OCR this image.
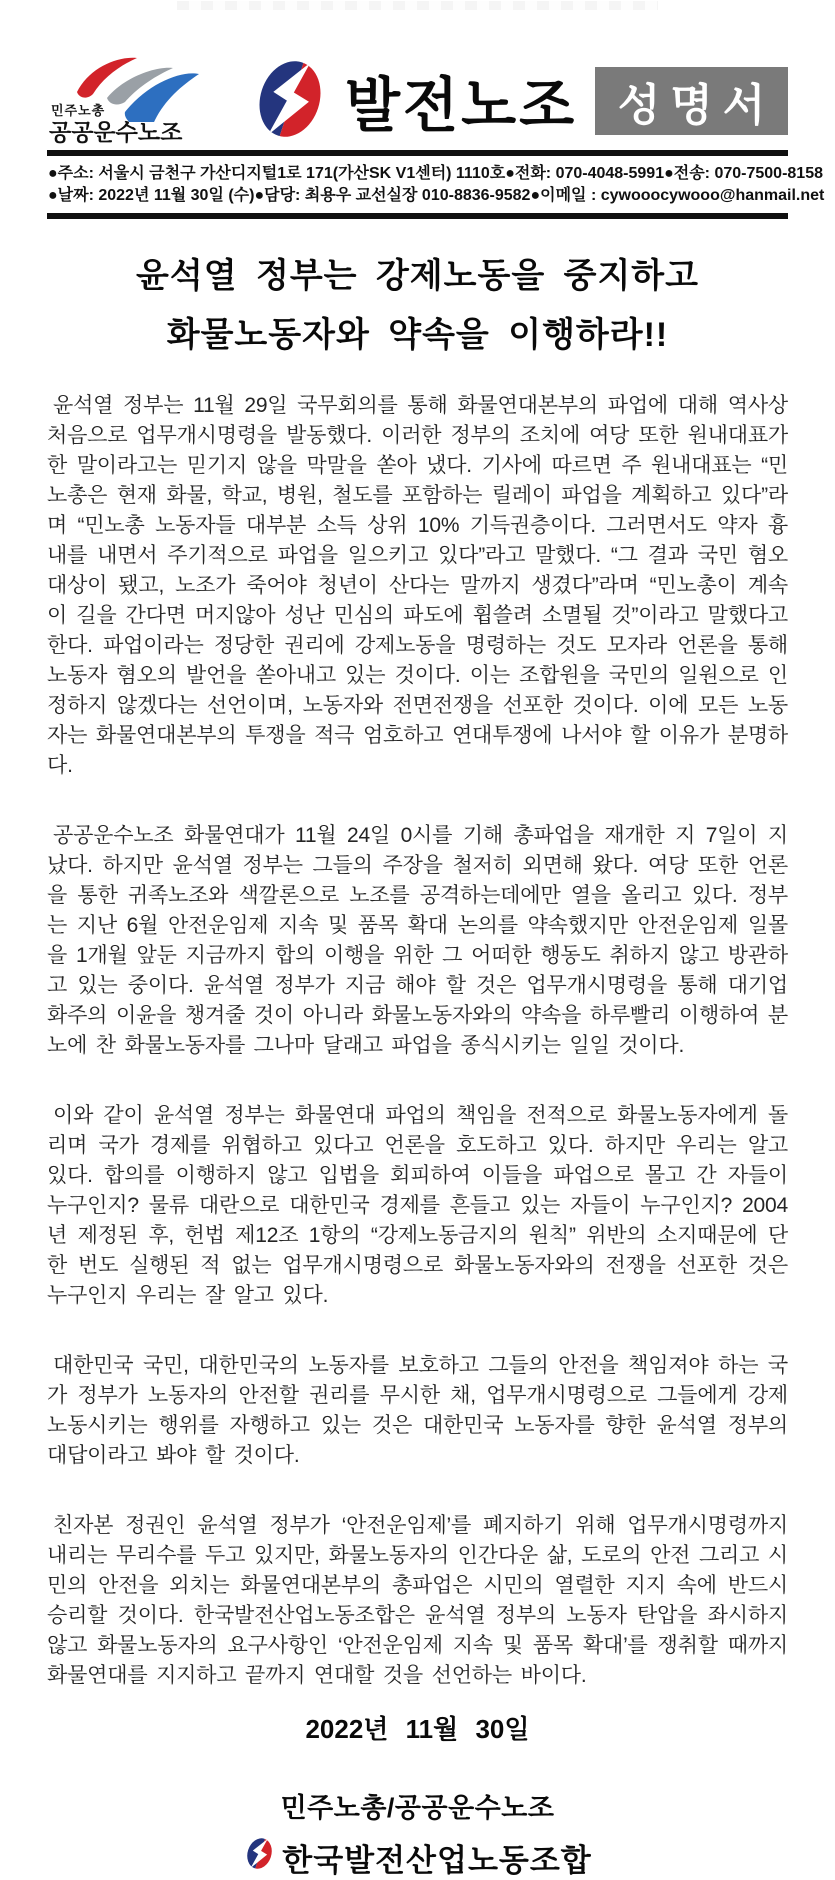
민주노총
공공운수노조	발전노조 성명서
●주소: 서울시 금천구 가산디지털1로 171(가산SK V1센터) 1110호 ●전화: 070-4048-5991 ●전송: 070-7500-8158
●날짜: 2022년 11월 30일 (수) ●담당: 최용우 교선실장 010-8836-9582 ●이메일 : cywooocywooo@hanmail.net
윤석열 정부는 강제노동을 중지하고
화물노동자와 약속을 이행하라!!

윤석열 정부는 11월 29일 국무회의를 통해 화물연대본부의 파업에 대해 역사상 처음으로 업무개시명령을 발동했다. 이러한 정부의 조치에 여당 또한 원내대표가 한 말이라고는 믿기지 않을 막말을 쏟아 냈다. 기사에 따르면 주 원내대표는 “민노총은 현재 화물, 학교, 병원, 철도를 포함하는 릴레이 파업을 계획하고 있다”라며 “민노총 노동자들 대부분 소득 상위 10% 기득권층이다. 그러면서도 약자 흉내를 내면서 주기적으로 파업을 일으키고 있다”라고 말했다. “그 결과 국민 혐오 대상이 됐고, 노조가 죽어야 청년이 산다는 말까지 생겼다”라며 “민노총이 계속 이 길을 간다면 머지않아 성난 민심의 파도에 휩쓸려 소멸될 것”이라고 말했다고 한다. 파업이라는 정당한 권리에 강제노동을 명령하는 것도 모자라 언론을 통해 노동자 혐오의 발언을 쏟아내고 있는 것이다. 이는 조합원을 국민의 일원으로 인정하지 않겠다는 선언이며, 노동자와 전면전쟁을 선포한 것이다. 이에 모든 노동자는 화물연대본부의 투쟁을 적극 엄호하고 연대투쟁에 나서야 할 이유가 분명하다.

공공운수노조 화물연대가 11월 24일 0시를 기해 총파업을 재개한 지 7일이 지났다. 하지만 윤석열 정부는 그들의 주장을 철저히 외면해 왔다. 여당 또한 언론을 통한 귀족노조와 색깔론으로 노조를 공격하는데에만 열을 올리고 있다. 정부는 지난 6월 안전운임제 지속 및 품목 확대 논의를 약속했지만 안전운임제 일몰을 1개월 앞둔 지금까지 합의 이행을 위한 그 어떠한 행동도 취하지 않고 방관하고 있는 중이다. 윤석열 정부가 지금 해야 할 것은 업무개시명령을 통해 대기업화주의 이윤을 챙겨줄 것이 아니라 화물노동자와의 약속을 하루빨리 이행하여 분노에 찬 화물노동자를 그나마 달래고 파업을 종식시키는 일일 것이다.

이와 같이 윤석열 정부는 화물연대 파업의 책임을 전적으로 화물노동자에게 돌리며 국가 경제를 위협하고 있다고 언론을 호도하고 있다. 하지만 우리는 알고 있다. 합의를 이행하지 않고 입법을 회피하여 이들을 파업으로 몰고 간 자들이 누구인지? 물류 대란으로 대한민국 경제를 흔들고 있는 자들이 누구인지? 2004년 제정된 후, 헌법 제12조 1항의 “강제노동금지의 원칙” 위반의 소지때문에 단 한 번도 실행된 적 없는 업무개시명령으로 화물노동자와의 전쟁을 선포한 것은 누구인지 우리는 잘 알고 있다.

대한민국 국민, 대한민국의 노동자를 보호하고 그들의 안전을 책임져야 하는 국가 정부가 노동자의 안전할 권리를 무시한 채, 업무개시명령으로 그들에게 강제노동시키는 행위를 자행하고 있는 것은 대한민국 노동자를 향한 윤석열 정부의 대답이라고 봐야 할 것이다.

친자본 정권인 윤석열 정부가 ‘안전운임제’를 폐지하기 위해 업무개시명령까지 내리는 무리수를 두고 있지만, 화물노동자의 인간다운 삶, 도로의 안전 그리고 시민의 안전을 외치는 화물연대본부의 총파업은 시민의 열렬한 지지 속에 반드시 승리할 것이다. 한국발전산업노동조합은 윤석열 정부의 노동자 탄압을 좌시하지 않고 화물노동자의 요구사항인 ‘안전운임제 지속 및 품목 확대’를 쟁취할 때까지 화물연대를 지지하고 끝까지 연대할 것을 선언하는 바이다.

2022년 11월 30일
민주노총/공공운수노조
한국발전산업노동조합
